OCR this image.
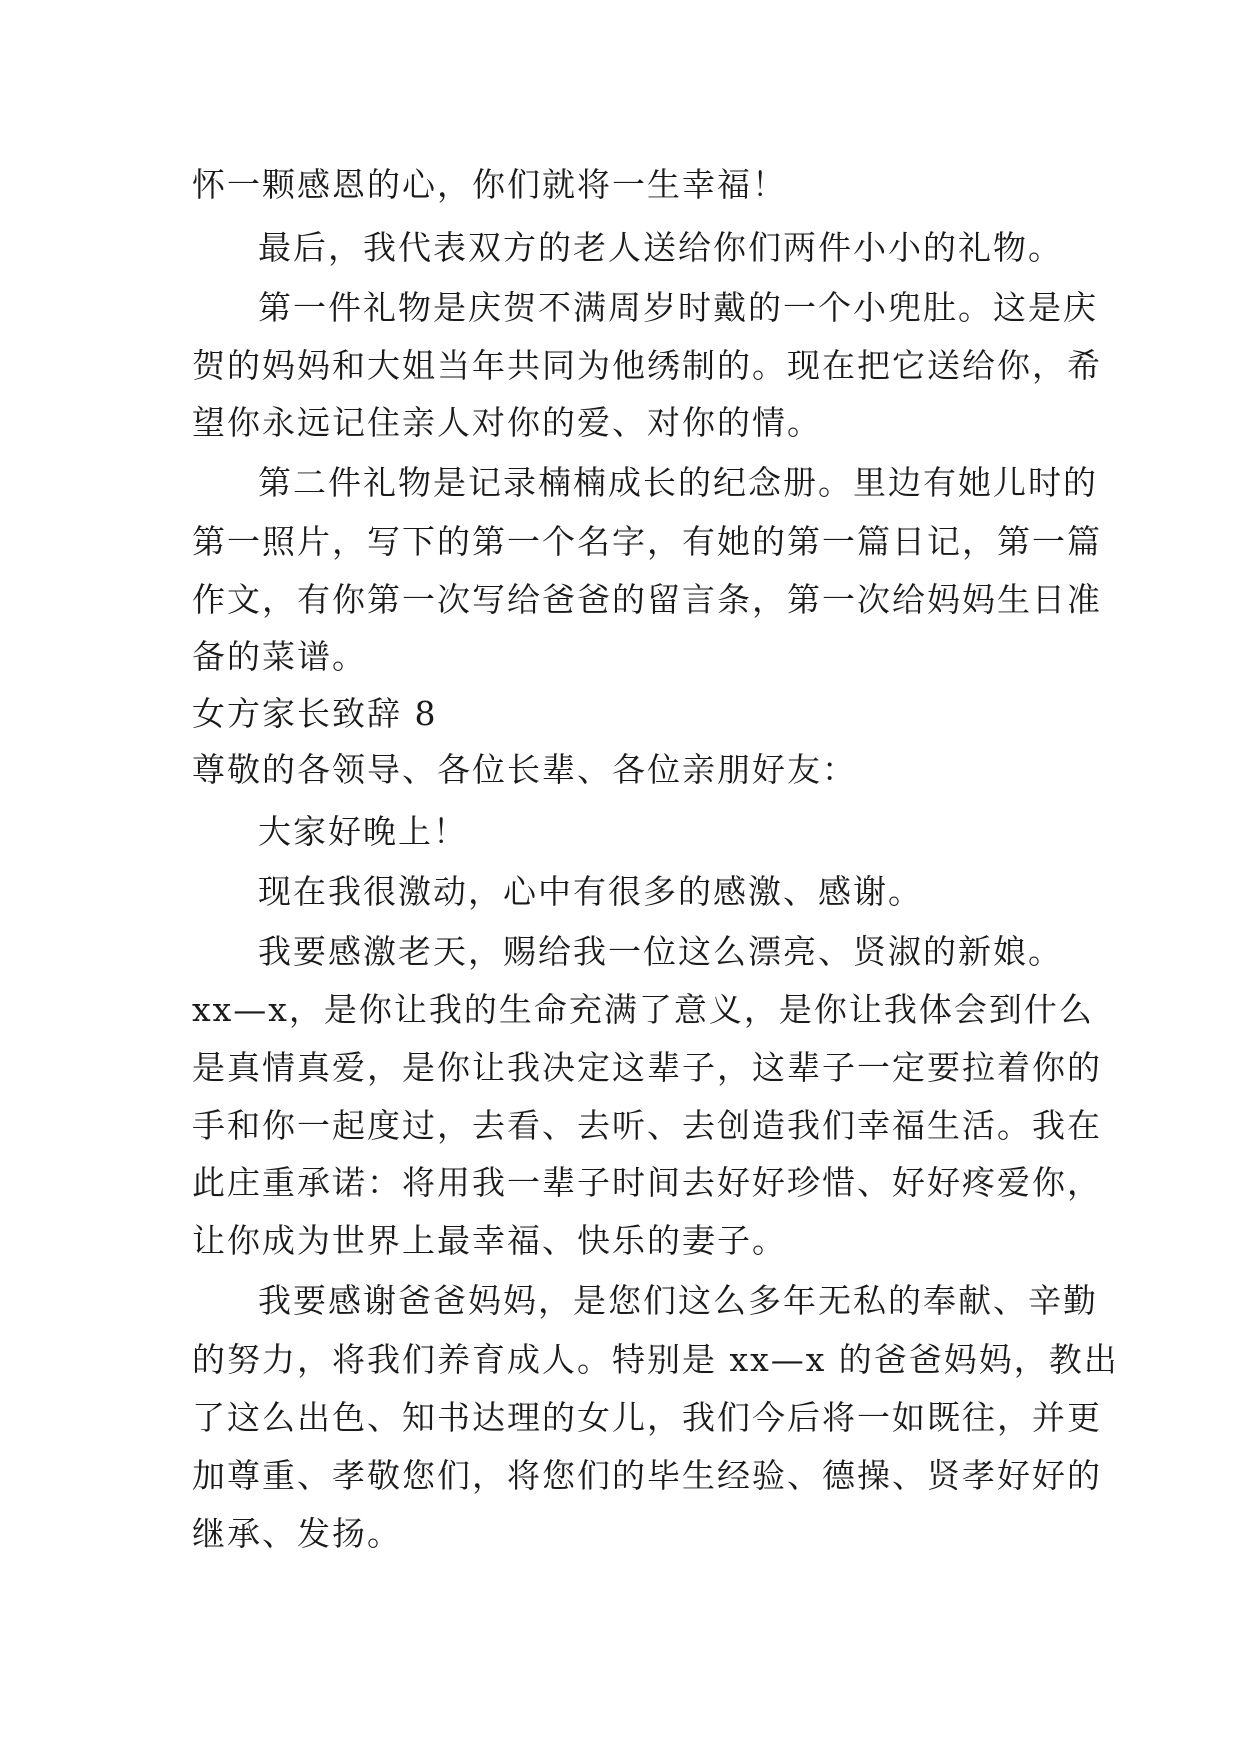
怀一颗感恩的心，你们就将一生幸福！
最后，我代表双方的老人送给你们两件小小的礼物。
第一件礼物是庆贺不满周岁时戴的一个小兜肚。这是庆
贺的妈妈和大姐当年共同为他绣制的。现在把它送给你，希
望你永远记住亲人对你的爱、对你的情。
第二件礼物是记录楠楠成长的纪念册。里边有她儿时的
第一照片，写下的第一个名字，有她的第一篇日记，第一篇
作文，有你第一次写给爸爸的留言条，第一次给妈妈生日准
备的菜谱。
女方家长致辞 8
尊敬的各领导、各位长辈、各位亲朋好友：
大家好晚上！
现在我很激动，心中有很多的感激、感谢。
我要感激老天，赐给我一位这么漂亮、贤淑的新娘。
xx—x，是你让我的生命充满了意义，是你让我体会到什么
是真情真爱，是你让我决定这辈子，这辈子一定要拉着你的
手和你一起度过，去看、去听、去创造我们幸福生活。我在
此庄重承诺：将用我一辈子时间去好好珍惜、好好疼爱你，
让你成为世界上最幸福、快乐的妻子。
我要感谢爸爸妈妈，是您们这么多年无私的奉献、辛勤
的努力，将我们养育成人。特别是 xx—x 的爸爸妈妈，教出
了这么出色、知书达理的女儿，我们今后将一如既往，并更
加尊重、孝敬您们，将您们的毕生经验、德操、贤孝好好的
继承、发扬。
